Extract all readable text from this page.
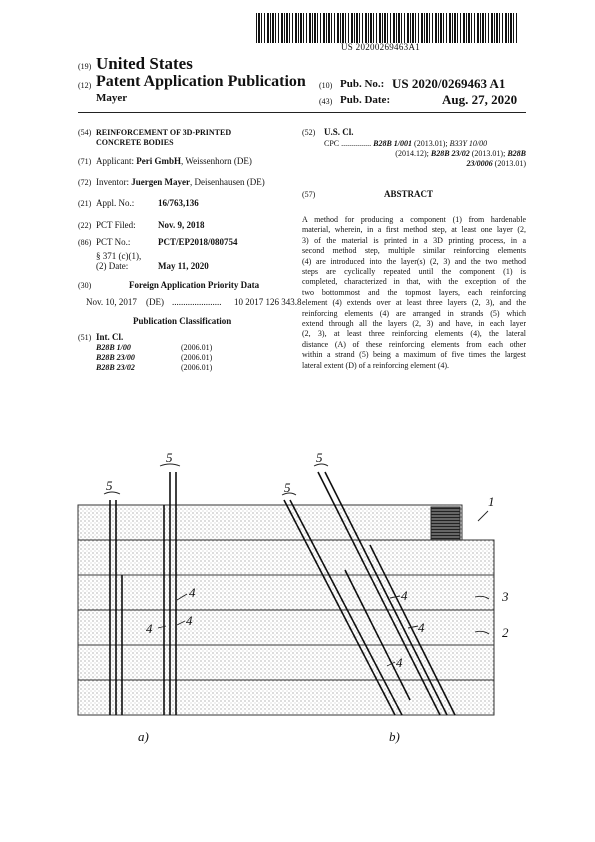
US 20200269463A1
(19) United States
(12) Patent Application Publication
Mayer
(10) Pub. No.: US 2020/0269463 A1
(43) Pub. Date:	Aug. 27, 2020
(54) REINFORCEMENT OF 3D-PRINTED
CONCRETE BODIES
(71) Applicant: Peri GmbH, Weissenhorn (DE)
(72) Inventor: Juergen Mayer, Deisenhausen (DE)
(21) Appl. No.:	16/763,136
(22) PCT Filed: Nov. 9, 2018
(86) PCT No.:	PCT/EP2018/080754
§ 371 (c)(1),
(2) Date:	May 11, 2020
(30)	Foreign Application Priority Data
Nov. 10, 2017 (DE) ...................... 10 2017 126 343.8
Publication Classification
(51) Int. Cl.
B28B 1/00	(2006.01)
B28B 23/00	(2006.01)
B28B 23/02	(2006.01)
(52) U.S. Cl.
CPC ............... B28B 1/001 (2013.01); B33Y 10/00
(2014.12); B28B 23/02 (2013.01); B28B
23/0006 (2013.01)
(57)	ABSTRACT
A method for producing a component (1) from hardenable
material, wherein, in a first method step, at least one layer (2,
3) of the material is printed in a 3D printing process, in a
second method step, multiple similar reinforcing elements
(4) are introduced into the layer(s) (2, 3) and the two method
steps are cyclically repeated until the component (1) is
completed, characterized in that, with the exception of the
two bottommost and the topmost layers, each reinforcing
element (4) extends over at least three layers (2, 3), and the
reinforcing elements (4) are arranged in strands (5) which
extend through all the layers (2, 3) and have, in each layer
(2, 3), at least three reinforcing elements (4), the lateral
distance (A) of these reinforcing elements from each other
within a strand (5) being a maximum of five times the largest
lateral extent (D) of a reinforcing element (4).
5
5
5
5
4
4
4
4
4
4
3
2
1
a)	b)
